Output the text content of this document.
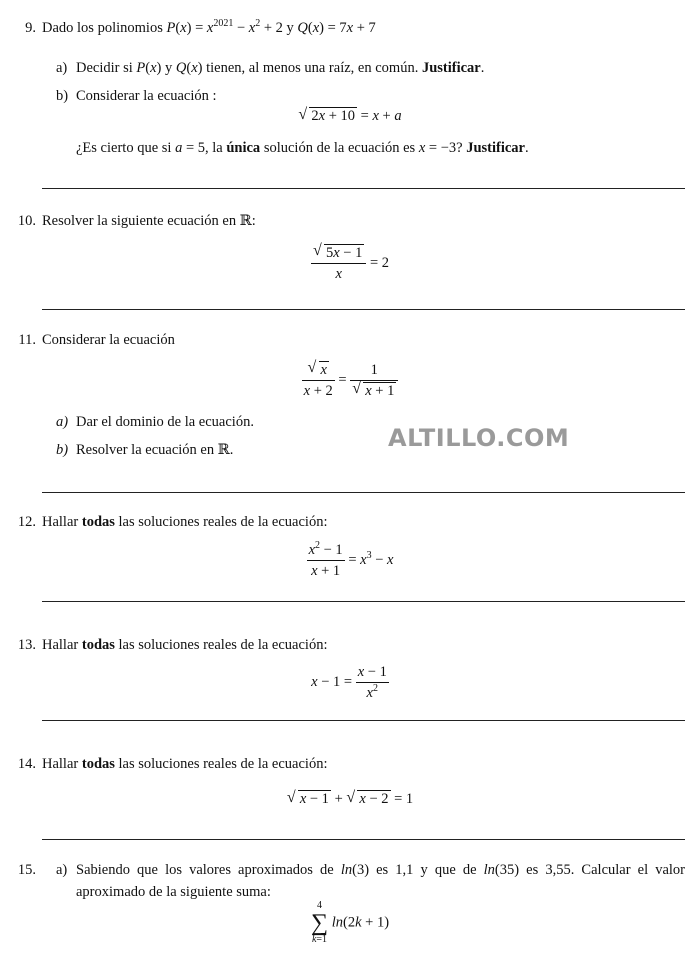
9. Dado los polinomios $P(x) = x^{2021} - x^2 + 2$ y Q(x) = 7x + 7
a) Decidir si P(x) y Q(x) tienen, al menos una raíz, en común. Justificar.
b) Considerar la ecuación :
√ 2x + 10 = x + a
¿Es cierto que si a = 5, la única solución de la ecuación es x = −3? Justificar.
10. Resolver la siguiente ecuación en ℝ:
√ $\frac{5x - 1}{x} = 2$
11. Considerar la ecuación
√ $\frac{x}{x + 2} = 1$
√ x + 1
a) Dar el dominio de la ecuación.
b) Resolver la ecuación en ℝ.	ALTILLO.COM
12. Hallar todas las soluciones reales de la ecuación:
$\frac{x^2 - 1}{x + 1} = x^3 - x$
13. Hallar todas las soluciones reales de la ecuación:
$x - 1 = \frac{x - 1}{x^2}$
14. Hallar todas las soluciones reales de la ecuación:
√ x − 1 + √ x − 2 = 1
15. a) Sabiendo que los valores aproximados de ln(3) es 1,1 y que de ln(35) es 3,55. Calcular el valor
aproximado de la siguiente suma:
4
∑
k=1
ln(2k + 1)
